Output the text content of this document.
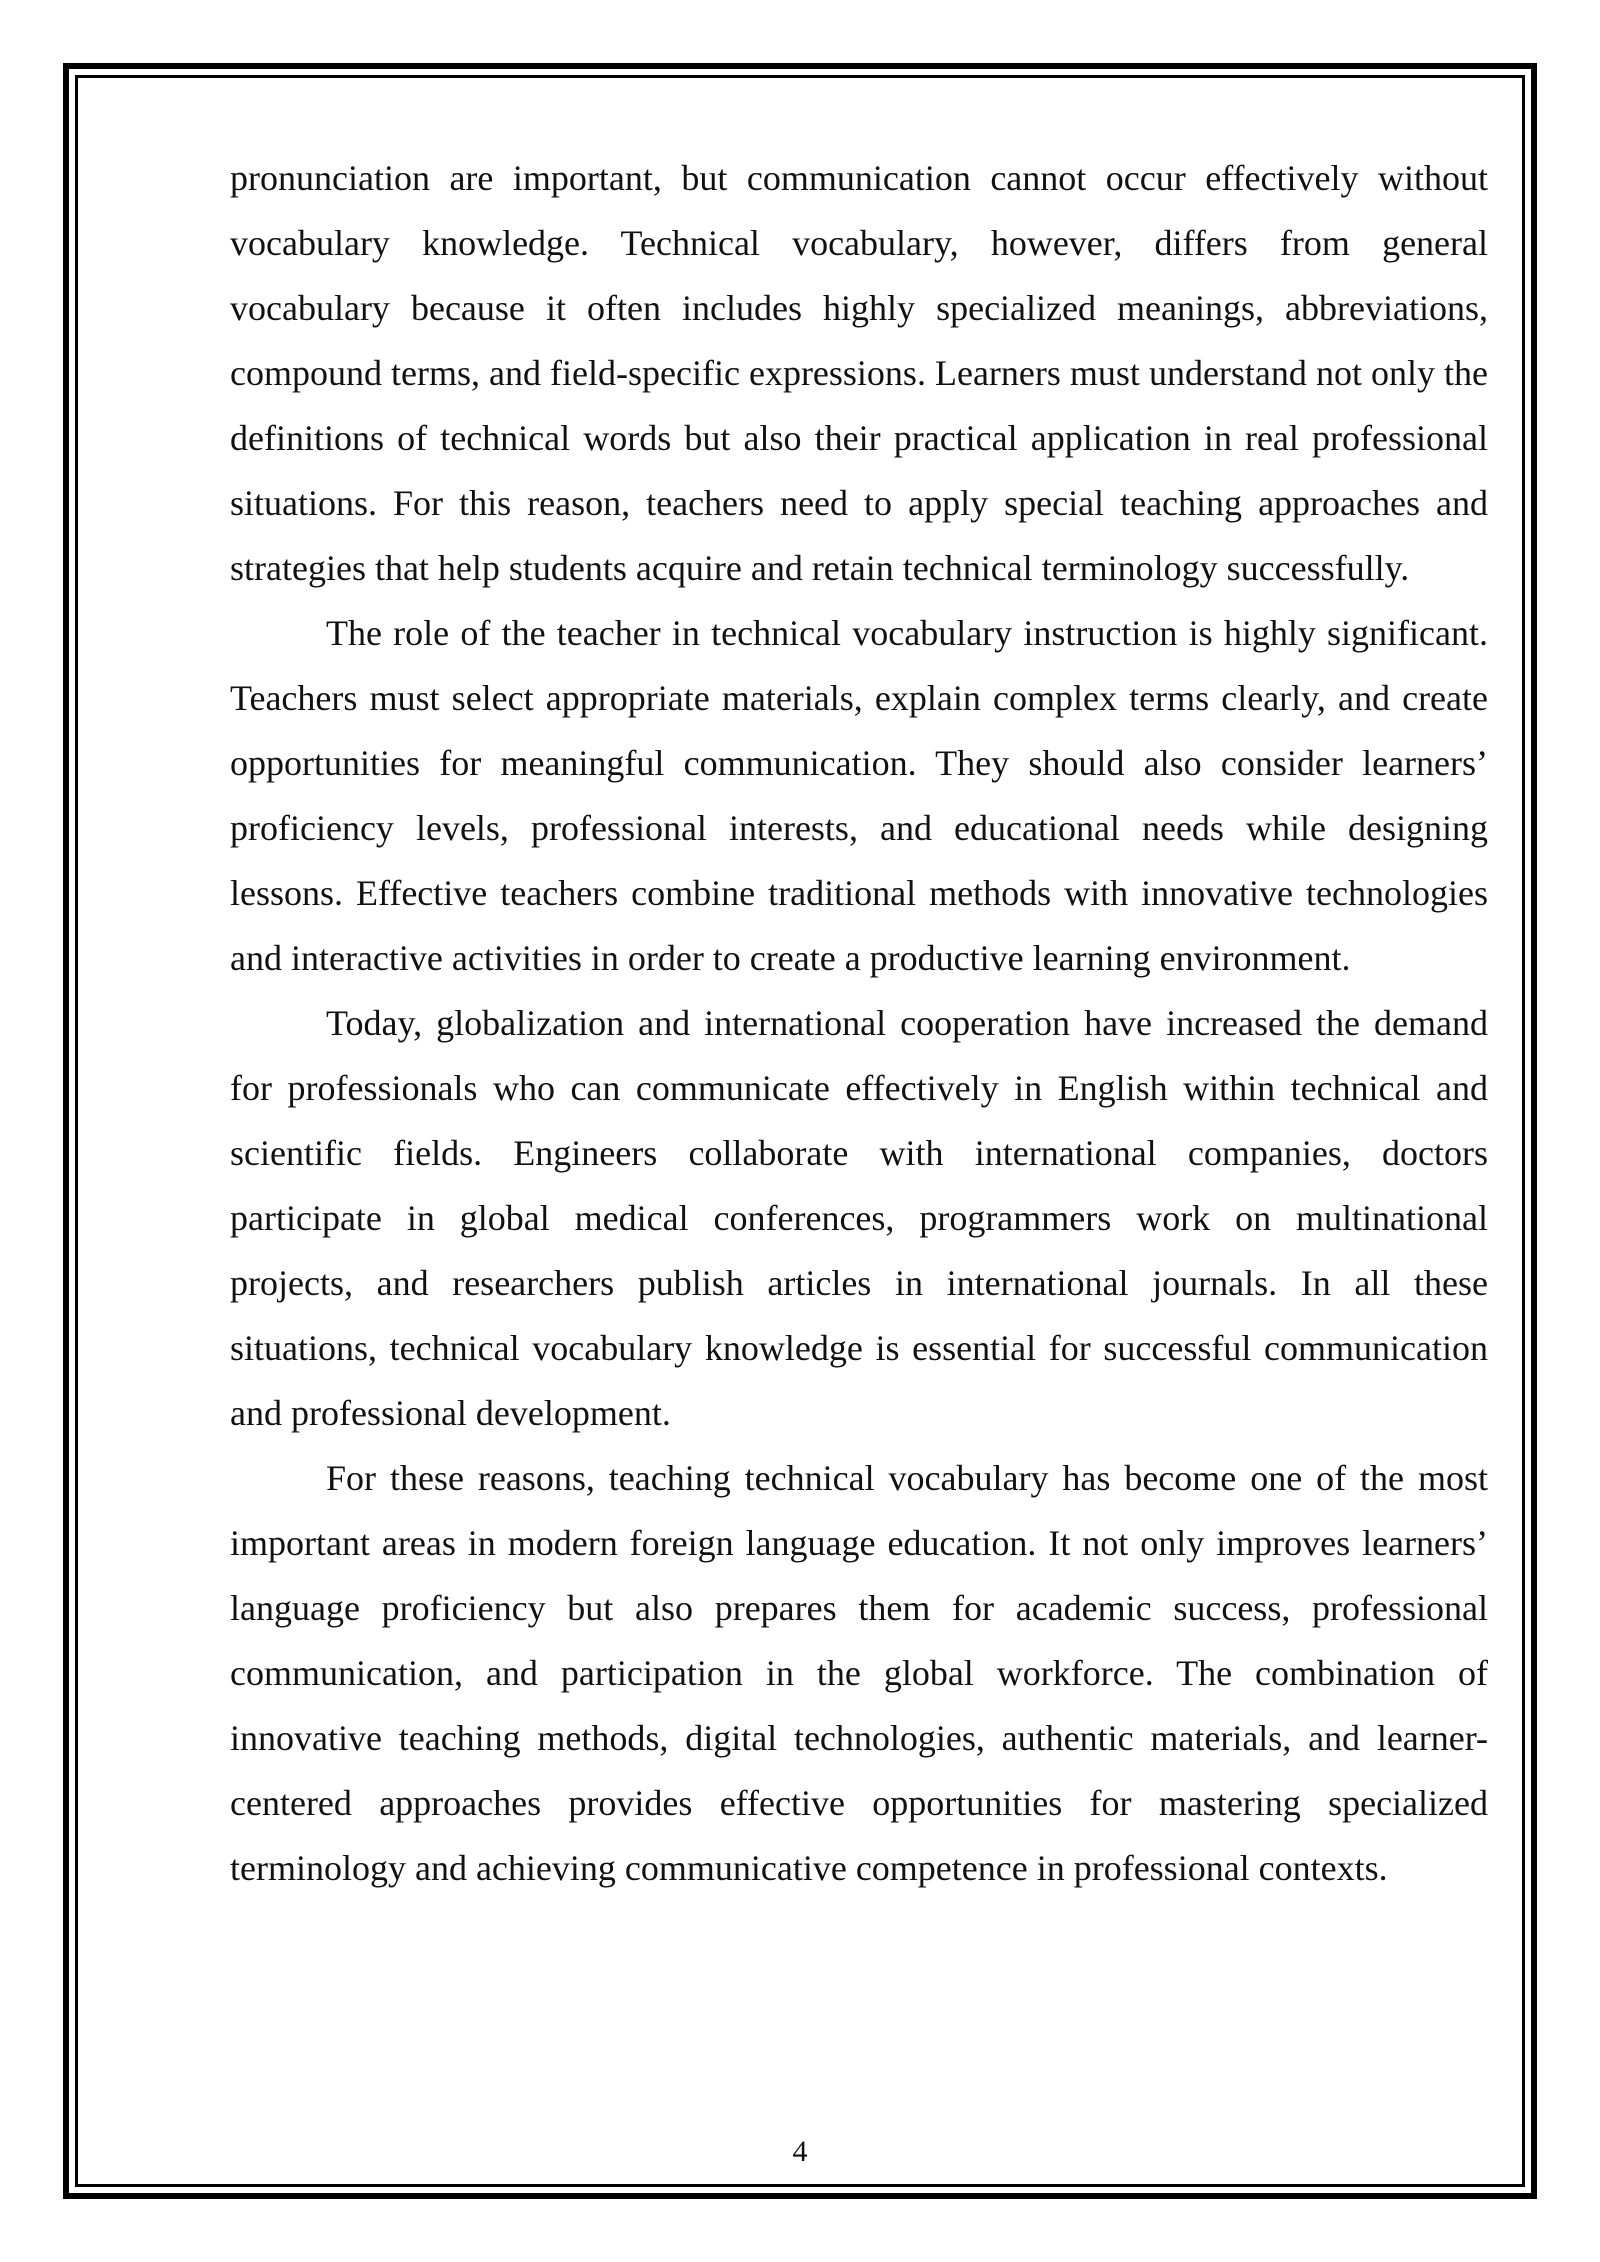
pronunciation are important, but communication cannot occur effectively without vocabulary knowledge. Technical vocabulary, however, differs from general vocabulary because it often includes highly specialized meanings, abbreviations, compound terms, and field-specific expressions. Learners must understand not only the definitions of technical words but also their practical application in real professional situations. For this reason, teachers need to apply special teaching approaches and strategies that help students acquire and retain technical terminology successfully.

The role of the teacher in technical vocabulary instruction is highly significant. Teachers must select appropriate materials, explain complex terms clearly, and create opportunities for meaningful communication. They should also consider learners’ proficiency levels, professional interests, and educational needs while designing lessons. Effective teachers combine traditional methods with innovative technologies and interactive activities in order to create a productive learning environment.

Today, globalization and international cooperation have increased the demand for professionals who can communicate effectively in English within technical and scientific fields. Engineers collaborate with international companies, doctors participate in global medical conferences, programmers work on multinational projects, and researchers publish articles in international journals. In all these situations, technical vocabulary knowledge is essential for successful communication and professional development.

For these reasons, teaching technical vocabulary has become one of the most important areas in modern foreign language education. It not only improves learners’ language proficiency but also prepares them for academic success, professional communication, and participation in the global workforce. The combination of innovative teaching methods, digital technologies, authentic materials, and learner-centered approaches provides effective opportunities for mastering specialized terminology and achieving communicative competence in professional contexts.

4
